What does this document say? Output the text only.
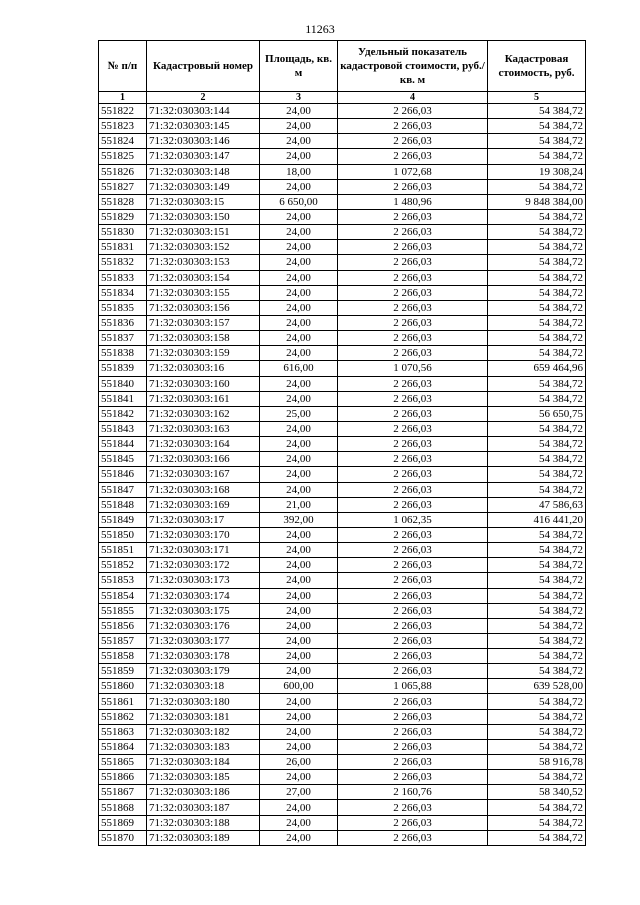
11263
№ п/п	Кадастровый номер	Площадь, кв. м	Удельный показатель кадастровой стоимости, руб./кв. м	Кадастровая стоимость, руб.
1	2	3	4	5
551822	71:32:030303:144	24,00	2 266,03	54 384,72
551823	71:32:030303:145	24,00	2 266,03	54 384,72
551824	71:32:030303:146	24,00	2 266,03	54 384,72
551825	71:32:030303:147	24,00	2 266,03	54 384,72
551826	71:32:030303:148	18,00	1 072,68	19 308,24
551827	71:32:030303:149	24,00	2 266,03	54 384,72
551828	71:32:030303:15	6 650,00	1 480,96	9 848 384,00
551829	71:32:030303:150	24,00	2 266,03	54 384,72
551830	71:32:030303:151	24,00	2 266,03	54 384,72
551831	71:32:030303:152	24,00	2 266,03	54 384,72
551832	71:32:030303:153	24,00	2 266,03	54 384,72
551833	71:32:030303:154	24,00	2 266,03	54 384,72
551834	71:32:030303:155	24,00	2 266,03	54 384,72
551835	71:32:030303:156	24,00	2 266,03	54 384,72
551836	71:32:030303:157	24,00	2 266,03	54 384,72
551837	71:32:030303:158	24,00	2 266,03	54 384,72
551838	71:32:030303:159	24,00	2 266,03	54 384,72
551839	71:32:030303:16	616,00	1 070,56	659 464,96
551840	71:32:030303:160	24,00	2 266,03	54 384,72
551841	71:32:030303:161	24,00	2 266,03	54 384,72
551842	71:32:030303:162	25,00	2 266,03	56 650,75
551843	71:32:030303:163	24,00	2 266,03	54 384,72
551844	71:32:030303:164	24,00	2 266,03	54 384,72
551845	71:32:030303:166	24,00	2 266,03	54 384,72
551846	71:32:030303:167	24,00	2 266,03	54 384,72
551847	71:32:030303:168	24,00	2 266,03	54 384,72
551848	71:32:030303:169	21,00	2 266,03	47 586,63
551849	71:32:030303:17	392,00	1 062,35	416 441,20
551850	71:32:030303:170	24,00	2 266,03	54 384,72
551851	71:32:030303:171	24,00	2 266,03	54 384,72
551852	71:32:030303:172	24,00	2 266,03	54 384,72
551853	71:32:030303:173	24,00	2 266,03	54 384,72
551854	71:32:030303:174	24,00	2 266,03	54 384,72
551855	71:32:030303:175	24,00	2 266,03	54 384,72
551856	71:32:030303:176	24,00	2 266,03	54 384,72
551857	71:32:030303:177	24,00	2 266,03	54 384,72
551858	71:32:030303:178	24,00	2 266,03	54 384,72
551859	71:32:030303:179	24,00	2 266,03	54 384,72
551860	71:32:030303:18	600,00	1 065,88	639 528,00
551861	71:32:030303:180	24,00	2 266,03	54 384,72
551862	71:32:030303:181	24,00	2 266,03	54 384,72
551863	71:32:030303:182	24,00	2 266,03	54 384,72
551864	71:32:030303:183	24,00	2 266,03	54 384,72
551865	71:32:030303:184	26,00	2 266,03	58 916,78
551866	71:32:030303:185	24,00	2 266,03	54 384,72
551867	71:32:030303:186	27,00	2 160,76	58 340,52
551868	71:32:030303:187	24,00	2 266,03	54 384,72
551869	71:32:030303:188	24,00	2 266,03	54 384,72
551870	71:32:030303:189	24,00	2 266,03	54 384,72
